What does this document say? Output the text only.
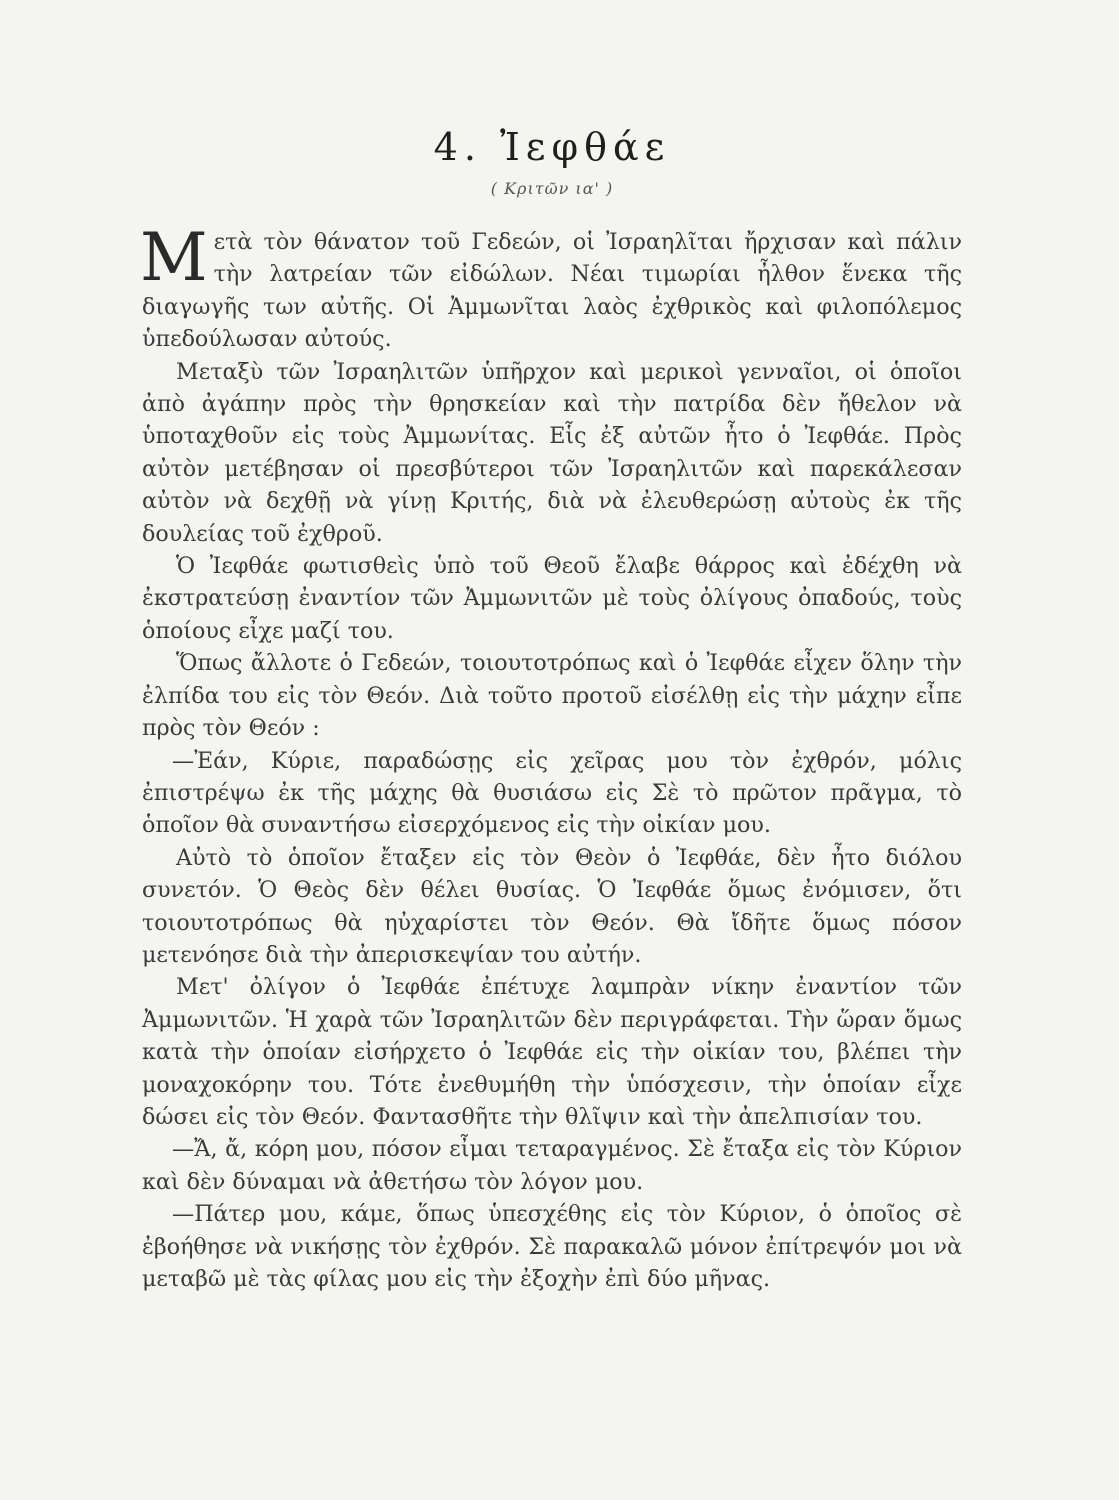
4. Ἰεφθάε
( Κριτῶν ια' )

Μετὰ τὸν θάνατον τοῦ Γεδεών, οἱ Ἰσραηλῖται ἤρχισαν καὶ πάλιν τὴν λατρείαν τῶν εἰδώλων. Νέαι τιμωρίαι ἦλθον ἕνεκα τῆς διαγωγῆς των αὐτῆς. Οἱ Ἀμμωνῖται λαὸς ἐχθρικὸς καὶ φιλοπόλεμος ὑπεδούλωσαν αὐτούς.

Μεταξὺ τῶν Ἰσραηλιτῶν ὑπῆρχον καὶ μερικοὶ γενναῖοι, οἱ ὁποῖοι ἀπὸ ἀγάπην πρὸς τὴν θρησκείαν καὶ τὴν πατρίδα δὲν ἤθελον νὰ ὑποταχθοῦν εἰς τοὺς Ἀμμωνίτας. Εἷς ἐξ αὐτῶν ἦτο ὁ Ἰεφθάε. Πρὸς αὐτὸν μετέβησαν οἱ πρεσβύτεροι τῶν Ἰσραηλιτῶν καὶ παρεκάλεσαν αὐτὸν νὰ δεχθῇ νὰ γίνῃ Κριτής, διὰ νὰ ἐλευθερώσῃ αὐτοὺς ἐκ τῆς δουλείας τοῦ ἐχθροῦ.

Ὁ Ἰεφθάε φωτισθεὶς ὑπὸ τοῦ Θεοῦ ἔλαβε θάρρος καὶ ἐδέχθη νὰ ἐκστρατεύσῃ ἐναντίον τῶν Ἀμμωνιτῶν μὲ τοὺς ὀλίγους ὀπαδούς, τοὺς ὁποίους εἶχε μαζί του.

Ὅπως ἄλλοτε ὁ Γεδεών, τοιουτοτρόπως καὶ ὁ Ἰεφθάε εἶχεν ὅλην τὴν ἐλπίδα του εἰς τὸν Θεόν. Διὰ τοῦτο προτοῦ εἰσέλθῃ εἰς τὴν μάχην εἶπε πρὸς τὸν Θεόν :

—Ἐάν, Κύριε, παραδώσῃς εἰς χεῖρας μου τὸν ἐχθρόν, μόλις ἐπιστρέψω ἐκ τῆς μάχης θὰ θυσιάσω εἰς Σὲ τὸ πρῶτον πρᾶγμα, τὸ ὁποῖον θὰ συναντήσω εἰσερχόμενος εἰς τὴν οἰκίαν μου.

Αὐτὸ τὸ ὁποῖον ἔταξεν εἰς τὸν Θεὸν ὁ Ἰεφθάε, δὲν ἦτο διόλου συνετόν. Ὁ Θεὸς δὲν θέλει θυσίας. Ὁ Ἰεφθάε ὅμως ἐνόμισεν, ὅτι τοιουτοτρόπως θὰ ηὐχαρίστει τὸν Θεόν. Θὰ ἴδῆτε ὅμως πόσον μετενόησε διὰ τὴν ἀπερισκεψίαν του αὐτήν.

Μετ' ὀλίγον ὁ Ἰεφθάε ἐπέτυχε λαμπρὰν νίκην ἐναντίον τῶν Ἀμμωνιτῶν. Ἡ χαρὰ τῶν Ἰσραηλιτῶν δὲν περιγράφεται. Τὴν ὥραν ὅμως κατὰ τὴν ὁποίαν εἰσήρχετο ὁ Ἰεφθάε εἰς τὴν οἰκίαν του, βλέπει τὴν μοναχοκόρην του. Τότε ἐνεθυμήθη τὴν ὑπόσχεσιν, τὴν ὁποίαν εἶχε δώσει εἰς τὸν Θεόν. Φαντασθῆτε τὴν θλῖψιν καὶ τὴν ἀπελπισίαν του.

—Ἄ, ἄ, κόρη μου, πόσον εἶμαι τεταραγμένος. Σὲ ἔταξα εἰς τὸν Κύριον καὶ δὲν δύναμαι νὰ ἀθετήσω τὸν λόγον μου.

—Πάτερ μου, κάμε, ὅπως ὑπεσχέθης εἰς τὸν Κύριον, ὁ ὁποῖος σὲ ἐβοήθησε νὰ νικήσῃς τὸν ἐχθρόν. Σὲ παρακαλῶ μόνον ἐπίτρεψόν μοι νὰ μεταβῶ μὲ τὰς φίλας μου εἰς τὴν ἐξοχὴν ἐπὶ δύο μῆνας.
